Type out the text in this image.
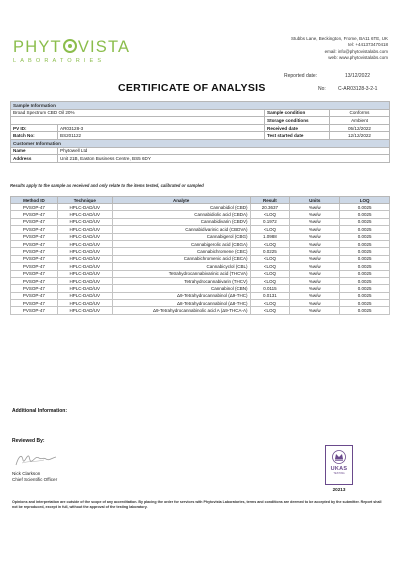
PHYT VISTA
LABORATORIES
Stubbs Lane, Beckington, Frome, BA11 6TE, UK
tel: +441373470418
email: info@phytovistalabs.com
web: www.phytovistalabs.com
Reported date:	13/12/2022
No: C-AR03128-3-2-1
CERTIFICATE OF ANALYSIS
Sample Information			
Broad Spectrum CBD Oil 20%		Sample condition	Conforms
		Storage conditions	Ambient
PV ID:	AR03128-3	Received date	05/12/2022
Batch No:	BS201122	Test started date	12/12/2022
Customer Information			
Name	Phytowell Ltd		
Address	Unit 21B, Easton Business Centre, BS5 6DY		
Results apply to the sample as received and only relate to the items tested, calibrated or sampled
Method ID	Technique	Analyte	Result	Units	LOQ
PVSOP-47	HPLC-DAD/UV	Cannabidiol (CBD)	20.3637	%w/w	0.0025
PVSOP-47	HPLC-DAD/UV	Cannabidiolic acid (CBDA)	<LOQ	%w/w	0.0025
PVSOP-47	HPLC-DAD/UV	Cannabidivarin (CBDV)	0.1972	%w/w	0.0025
PVSOP-47	HPLC-DAD/UV	Cannabidivarinic acid (CBDVA)	<LOQ	%w/w	0.0025
PVSOP-47	HPLC-DAD/UV	Cannabigerol (CBG)	1.0988	%w/w	0.0025
PVSOP-47	HPLC-DAD/UV	Cannabigerolic acid (CBGA)	<LOQ	%w/w	0.0025
PVSOP-47	HPLC-DAD/UV	Cannabichromene (CBC)	0.0225	%w/w	0.0025
PVSOP-47	HPLC-DAD/UV	Cannabichromenic acid (CBCA)	<LOQ	%w/w	0.0025
PVSOP-47	HPLC-DAD/UV	Cannabicyclol (CBL)	<LOQ	%w/w	0.0025
PVSOP-47	HPLC-DAD/UV	Tetrahydrocannabivarinic acid (THCVA)	<LOQ	%w/w	0.0025
PVSOP-47	HPLC-DAD/UV	Tetrahydrocannabivarin (THCV)	<LOQ	%w/w	0.0025
PVSOP-47	HPLC-DAD/UV	Cannabinol (CBN)	0.0115	%w/w	0.0025
PVSOP-47	HPLC-DAD/UV	Δ9-Tetrahydrocannabinol (Δ9-THC)	0.0131	%w/w	0.0025
PVSOP-47	HPLC-DAD/UV	Δ8-Tetrahydrocannabinol (Δ8-THC)	<LOQ	%w/w	0.0025
PVSOP-47	HPLC-DAD/UV	Δ9-Tetrahydrocannabinolic acid A (Δ9-THCA-A)	<LOQ	%w/w	0.0025
Additional Information:
Reviewed By:
Nick Clarkson
Chief Scientific Officer
UKAS
TESTING
20213
Opinions and interpretation are outside of the scope of any accreditation. By placing the order for services with Phytovista Laboratories, terms and conditions are deemed to be accepted by the submitter. Report shall not be reproduced, except in full, without the approval of the testing laboratory.
